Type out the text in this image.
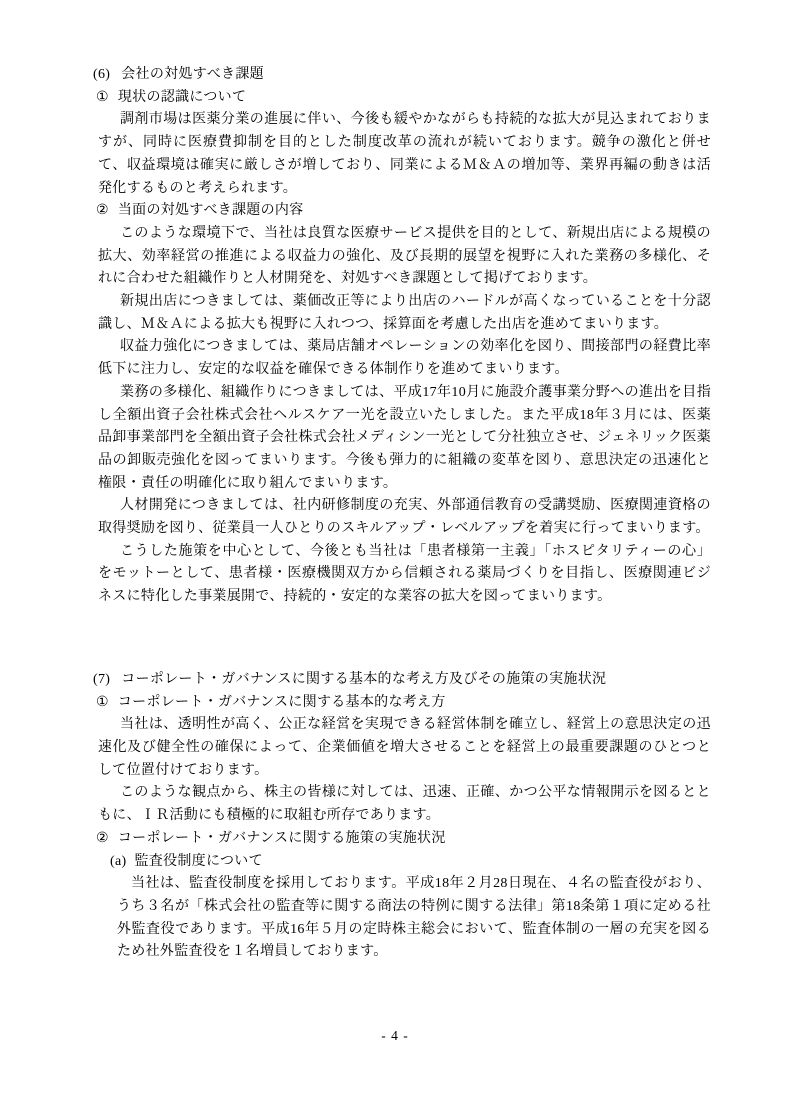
(6) 会社の対処すべき課題
① 現状の認識について

調剤市場は医薬分業の進展に伴い、今後も緩やかながらも持続的な拡大が見込まれておりますが、同時に医療費抑制を目的とした制度改革の流れが続いております。競争の激化と併せて、収益環境は確実に厳しさが増しており、同業によるＭ＆Ａの増加等、業界再編の動きは活発化するものと考えられます。

② 当面の対処すべき課題の内容

このような環境下で、当社は良質な医療サービス提供を目的として、新規出店による規模の拡大、効率経営の推進による収益力の強化、及び長期的展望を視野に入れた業務の多様化、それに合わせた組織作りと人材開発を、対処すべき課題として掲げております。

新規出店につきましては、薬価改正等により出店のハードルが高くなっていることを十分認識し、Ｍ＆Ａによる拡大も視野に入れつつ、採算面を考慮した出店を進めてまいります。

収益力強化につきましては、薬局店舗オペレーションの効率化を図り、間接部門の経費比率低下に注力し、安定的な収益を確保できる体制作りを進めてまいります。

業務の多様化、組織作りにつきましては、平成17年10月に施設介護事業分野への進出を目指し全額出資子会社株式会社ヘルスケア一光を設立いたしました。また平成18年３月には、医薬品卸事業部門を全額出資子会社株式会社メディシン一光として分社独立させ、ジェネリック医薬品の卸販売強化を図ってまいります。今後も弾力的に組織の変革を図り、意思決定の迅速化と権限・責任の明確化に取り組んでまいります。

人材開発につきましては、社内研修制度の充実、外部通信教育の受講奨励、医療関連資格の取得奨励を図り、従業員一人ひとりのスキルアップ・レベルアップを着実に行ってまいります。

こうした施策を中心として、今後とも当社は「患者様第一主義」「ホスピタリティーの心」をモットーとして、患者様・医療機関双方から信頼される薬局づくりを目指し、医療関連ビジネスに特化した事業展開で、持続的・安定的な業容の拡大を図ってまいります。

(7) コーポレート・ガバナンスに関する基本的な考え方及びその施策の実施状況
① コーポレート・ガバナンスに関する基本的な考え方

当社は、透明性が高く、公正な経営を実現できる経営体制を確立し、経営上の意思決定の迅速化及び健全性の確保によって、企業価値を増大させることを経営上の最重要課題のひとつとして位置付けております。

このような観点から、株主の皆様に対しては、迅速、正確、かつ公平な情報開示を図るとともに、ＩＲ活動にも積極的に取組む所存であります。

② コーポレート・ガバナンスに関する施策の実施状況
(a) 監査役制度について

当社は、監査役制度を採用しております。平成18年２月28日現在、４名の監査役がおり、うち３名が「株式会社の監査等に関する商法の特例に関する法律」第18条第１項に定める社外監査役であります。平成16年５月の定時株主総会において、監査体制の一層の充実を図るため社外監査役を１名増員しております。

- 4 -
